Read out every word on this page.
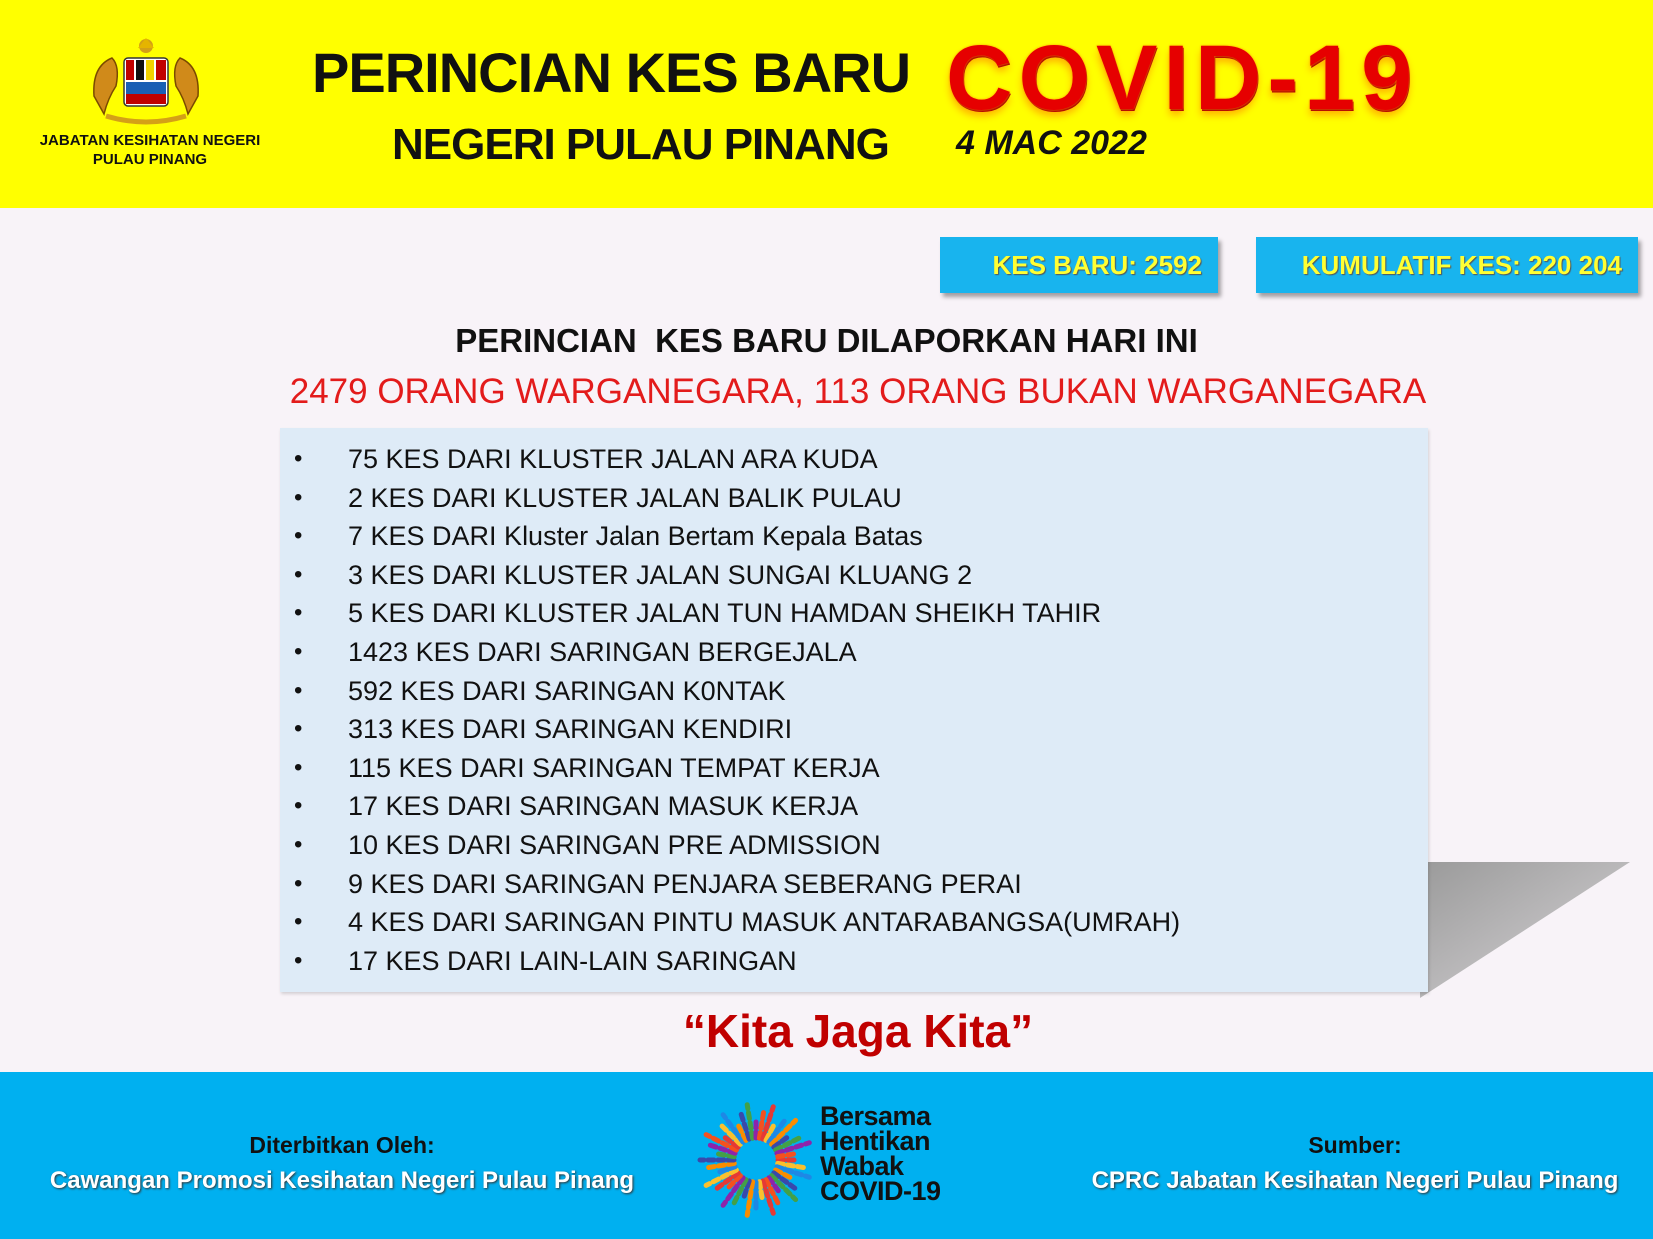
JABATAN KESIHATAN NEGERI
PULAU PINANG
PERINCIAN KES BARU
NEGERI PULAU PINANG
COVID-19
4 MAC 2022
KES BARU: 2592	KUMULATIF KES: 220 204
PERINCIAN  KES BARU DILAPORKAN HARI INI
2479 ORANG WARGANEGARA, 113 ORANG BUKAN WARGANEGARA
• 75 KES DARI KLUSTER JALAN ARA KUDA
• 2 KES DARI KLUSTER JALAN BALIK PULAU
• 7 KES DARI Kluster Jalan Bertam Kepala Batas
• 3 KES DARI KLUSTER JALAN SUNGAI KLUANG 2
• 5 KES DARI KLUSTER JALAN TUN HAMDAN SHEIKH TAHIR
• 1423 KES DARI SARINGAN BERGEJALA
• 592 KES DARI SARINGAN K0NTAK
• 313 KES DARI SARINGAN KENDIRI
• 115 KES DARI SARINGAN TEMPAT KERJA
• 17 KES DARI SARINGAN MASUK KERJA
• 10 KES DARI SARINGAN PRE ADMISSION
• 9 KES DARI SARINGAN PENJARA SEBERANG PERAI
• 4 KES DARI SARINGAN PINTU MASUK ANTARABANGSA(UMRAH)
• 17 KES DARI LAIN-LAIN SARINGAN
“Kita Jaga Kita”
Diterbitkan Oleh:
Cawangan Promosi Kesihatan Negeri Pulau Pinang
Bersama
Hentikan
Wabak
COVID-19
Sumber:
CPRC Jabatan Kesihatan Negeri Pulau Pinang
